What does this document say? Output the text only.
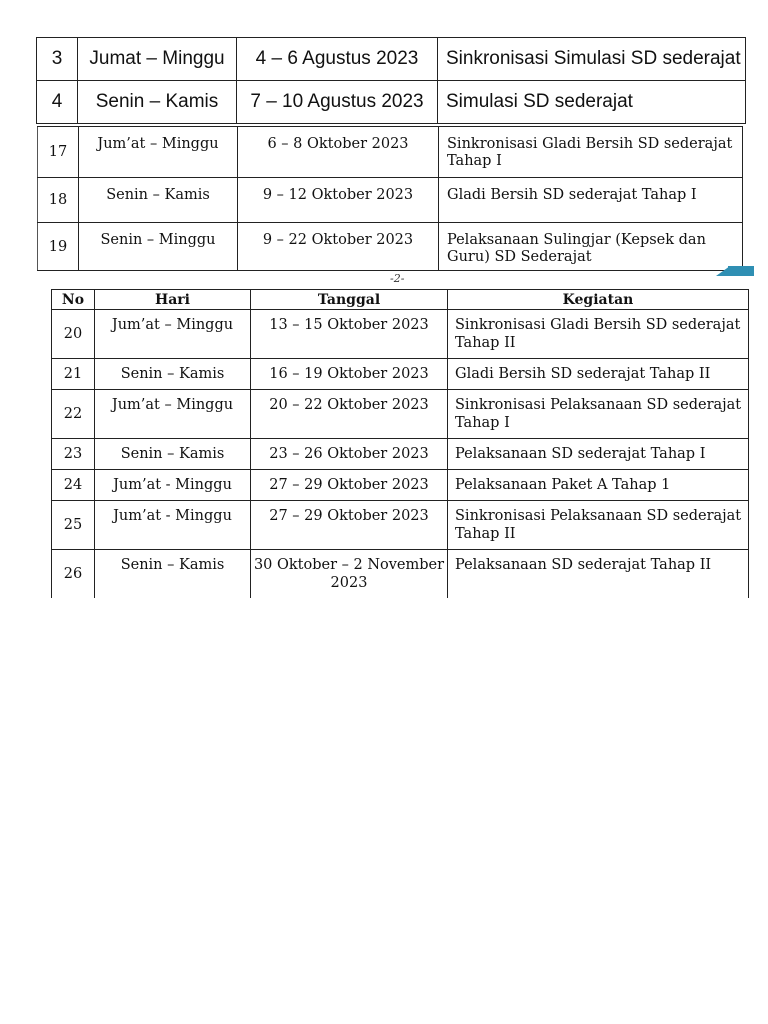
3	Jumat – Minggu	4 – 6 Agustus 2023	Sinkronisasi Simulasi SD sederajat
4	Senin – Kamis	7 – 10 Agustus 2023	Simulasi SD sederajat
17	Jum’at – Minggu	6 – 8 Oktober 2023	Sinkronisasi Gladi Bersih SD sederajat Tahap I
18	Senin – Kamis	9 – 12 Oktober 2023	Gladi Bersih SD sederajat Tahap I
19	Senin – Minggu	9 – 22 Oktober 2023	Pelaksanaan Sulingjar (Kepsek dan Guru) SD Sederajat
-2-
No	Hari	Tanggal	Kegiatan
20	Jum’at – Minggu	13 – 15 Oktober 2023	Sinkronisasi Gladi Bersih SD sederajat Tahap II
21	Senin – Kamis	16 – 19 Oktober 2023	Gladi Bersih SD sederajat Tahap II
22	Jum’at – Minggu	20 – 22 Oktober 2023	Sinkronisasi Pelaksanaan SD sederajat Tahap I
23	Senin – Kamis	23 – 26 Oktober 2023	Pelaksanaan SD sederajat Tahap I
24	Jum’at - Minggu	27 – 29 Oktober 2023	Pelaksanaan Paket A Tahap 1
25	Jum’at - Minggu	27 – 29 Oktober 2023	Sinkronisasi Pelaksanaan SD sederajat Tahap II
26	Senin – Kamis	30 Oktober – 2 November 2023	Pelaksanaan SD sederajat Tahap II
